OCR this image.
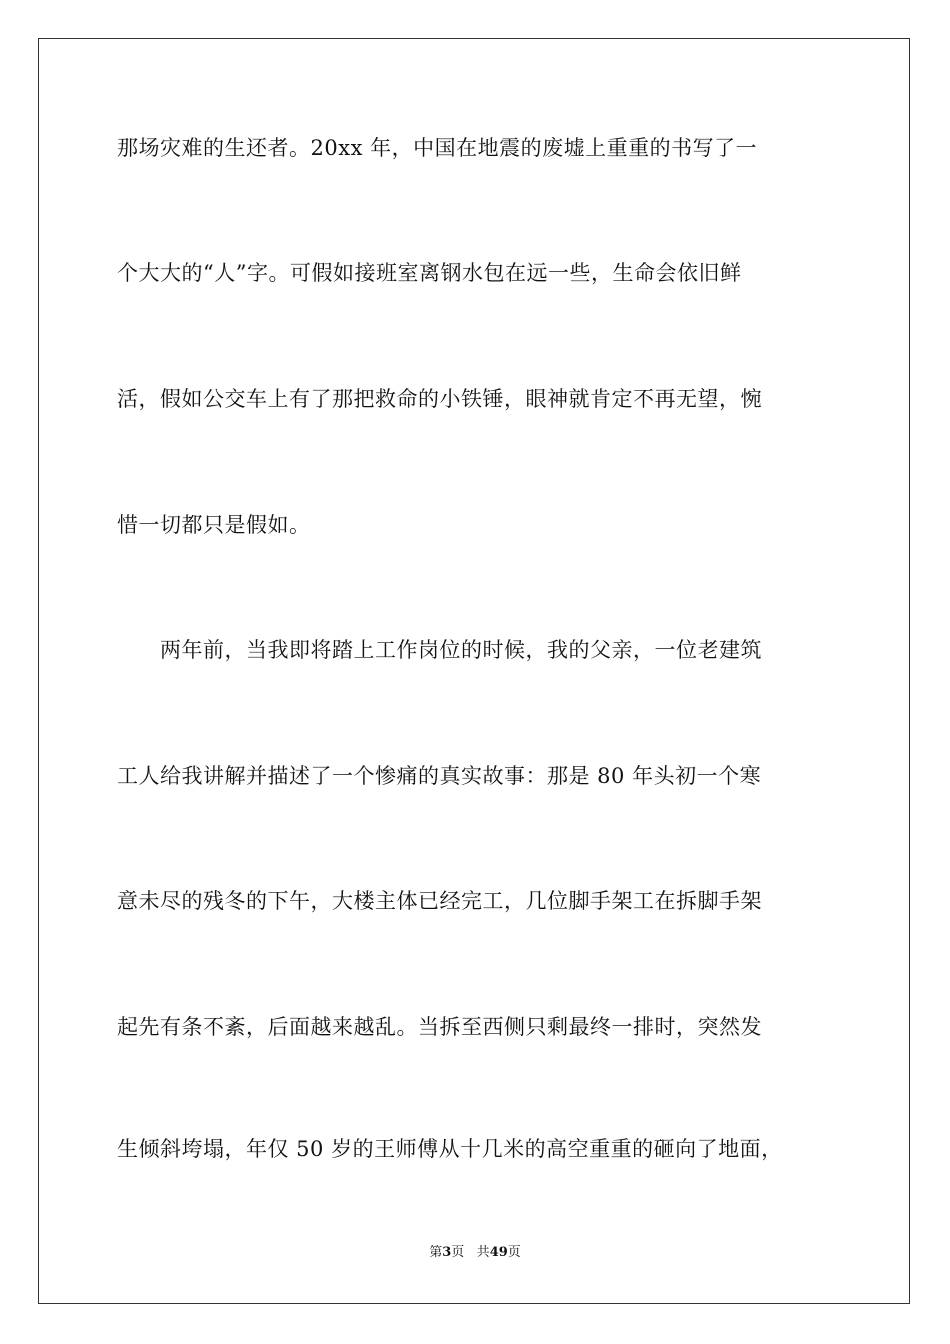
那场灾难的生还者。20xx 年，中国在地震的废墟上重重的书写了一
个大大的“人”字。可假如接班室离钢水包在远一些，生命会依旧鲜
活，假如公交车上有了那把救命的小铁锤，眼神就肯定不再无望，惋
惜一切都只是假如。
　　两年前，当我即将踏上工作岗位的时候，我的父亲，一位老建筑
工人给我讲解并描述了一个惨痛的真实故事：那是 80 年头初一个寒
意未尽的残冬的下午，大楼主体已经完工，几位脚手架工在拆脚手架
起先有条不紊，后面越来越乱。当拆至西侧只剩最终一排时，突然发
生倾斜垮塌，年仅 50 岁的王师傅从十几米的高空重重的砸向了地面，
第3页 共49页
